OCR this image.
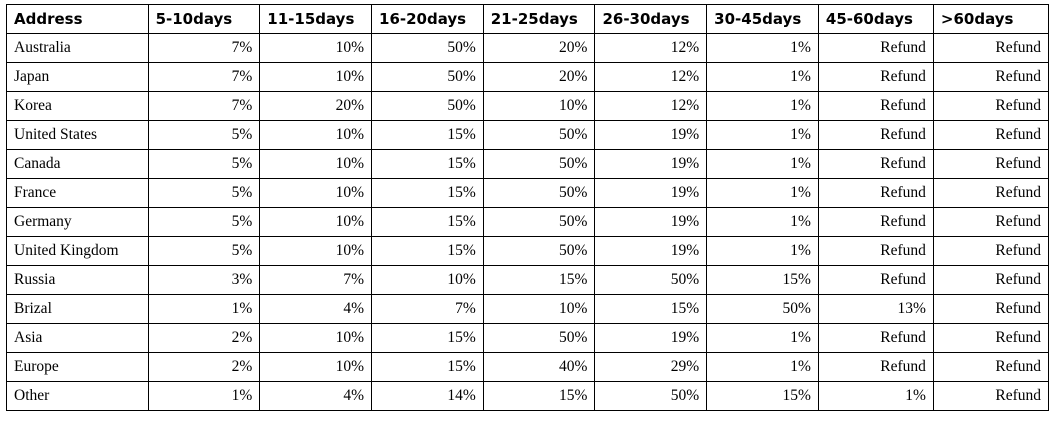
Address	5-10days	11-15days	16-20days	21-25days	26-30days	30-45days	45-60days	>60days
Australia	7%	10%	50%	20%	12%	1%	Refund	Refund
Japan	7%	10%	50%	20%	12%	1%	Refund	Refund
Korea	7%	20%	50%	10%	12%	1%	Refund	Refund
United States	5%	10%	15%	50%	19%	1%	Refund	Refund
Canada	5%	10%	15%	50%	19%	1%	Refund	Refund
France	5%	10%	15%	50%	19%	1%	Refund	Refund
Germany	5%	10%	15%	50%	19%	1%	Refund	Refund
United Kingdom	5%	10%	15%	50%	19%	1%	Refund	Refund
Russia	3%	7%	10%	15%	50%	15%	Refund	Refund
Brizal	1%	4%	7%	10%	15%	50%	13%	Refund
Asia	2%	10%	15%	50%	19%	1%	Refund	Refund
Europe	2%	10%	15%	40%	29%	1%	Refund	Refund
Other	1%	4%	14%	15%	50%	15%	1%	Refund
